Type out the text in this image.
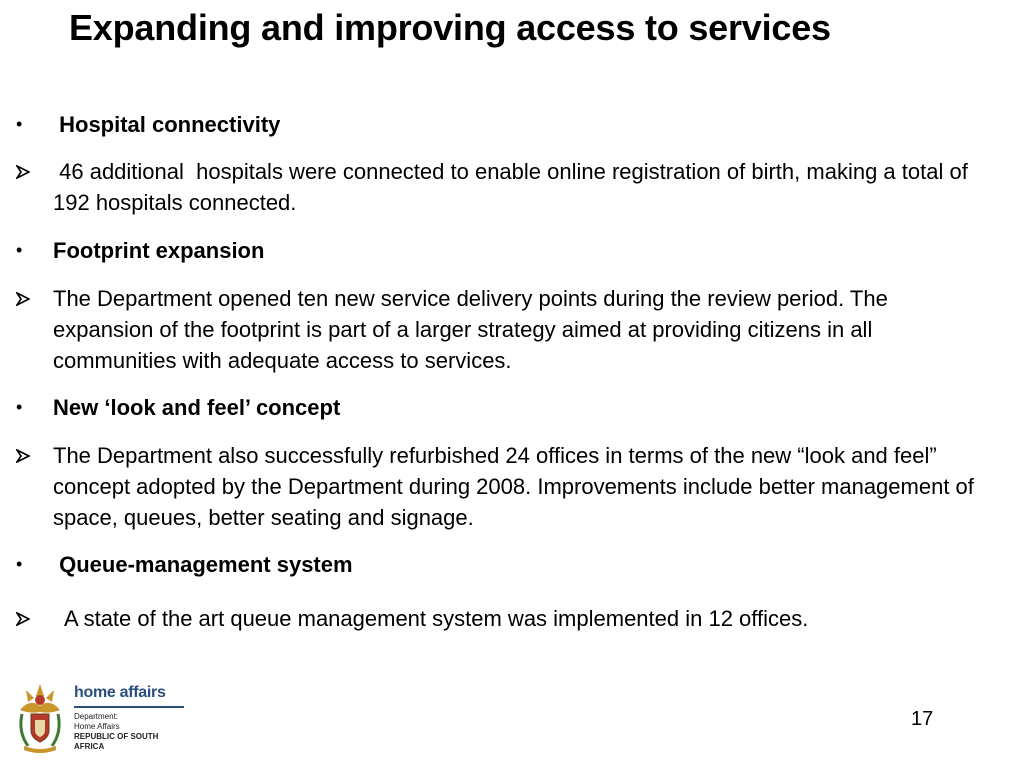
Expanding and improving access to services
•	Hospital connectivity
46 additional  hospitals were connected to enable online registration of birth, making a total of 192 hospitals connected.
•	Footprint expansion
The Department opened ten new service delivery points during the review period. The expansion of the footprint is part of a larger strategy aimed at providing citizens in all communities with adequate access to services.
•	New ‘look and feel’ concept
The Department also successfully refurbished 24 offices in terms of the new “look and feel” concept adopted by the Department during 2008. Improvements include better management of space, queues, better seating and signage.
•	Queue-management system
A state of the art queue management system was implemented in 12 offices.
home affairs
Department:
Home Affairs
REPUBLIC OF SOUTH AFRICA
17
